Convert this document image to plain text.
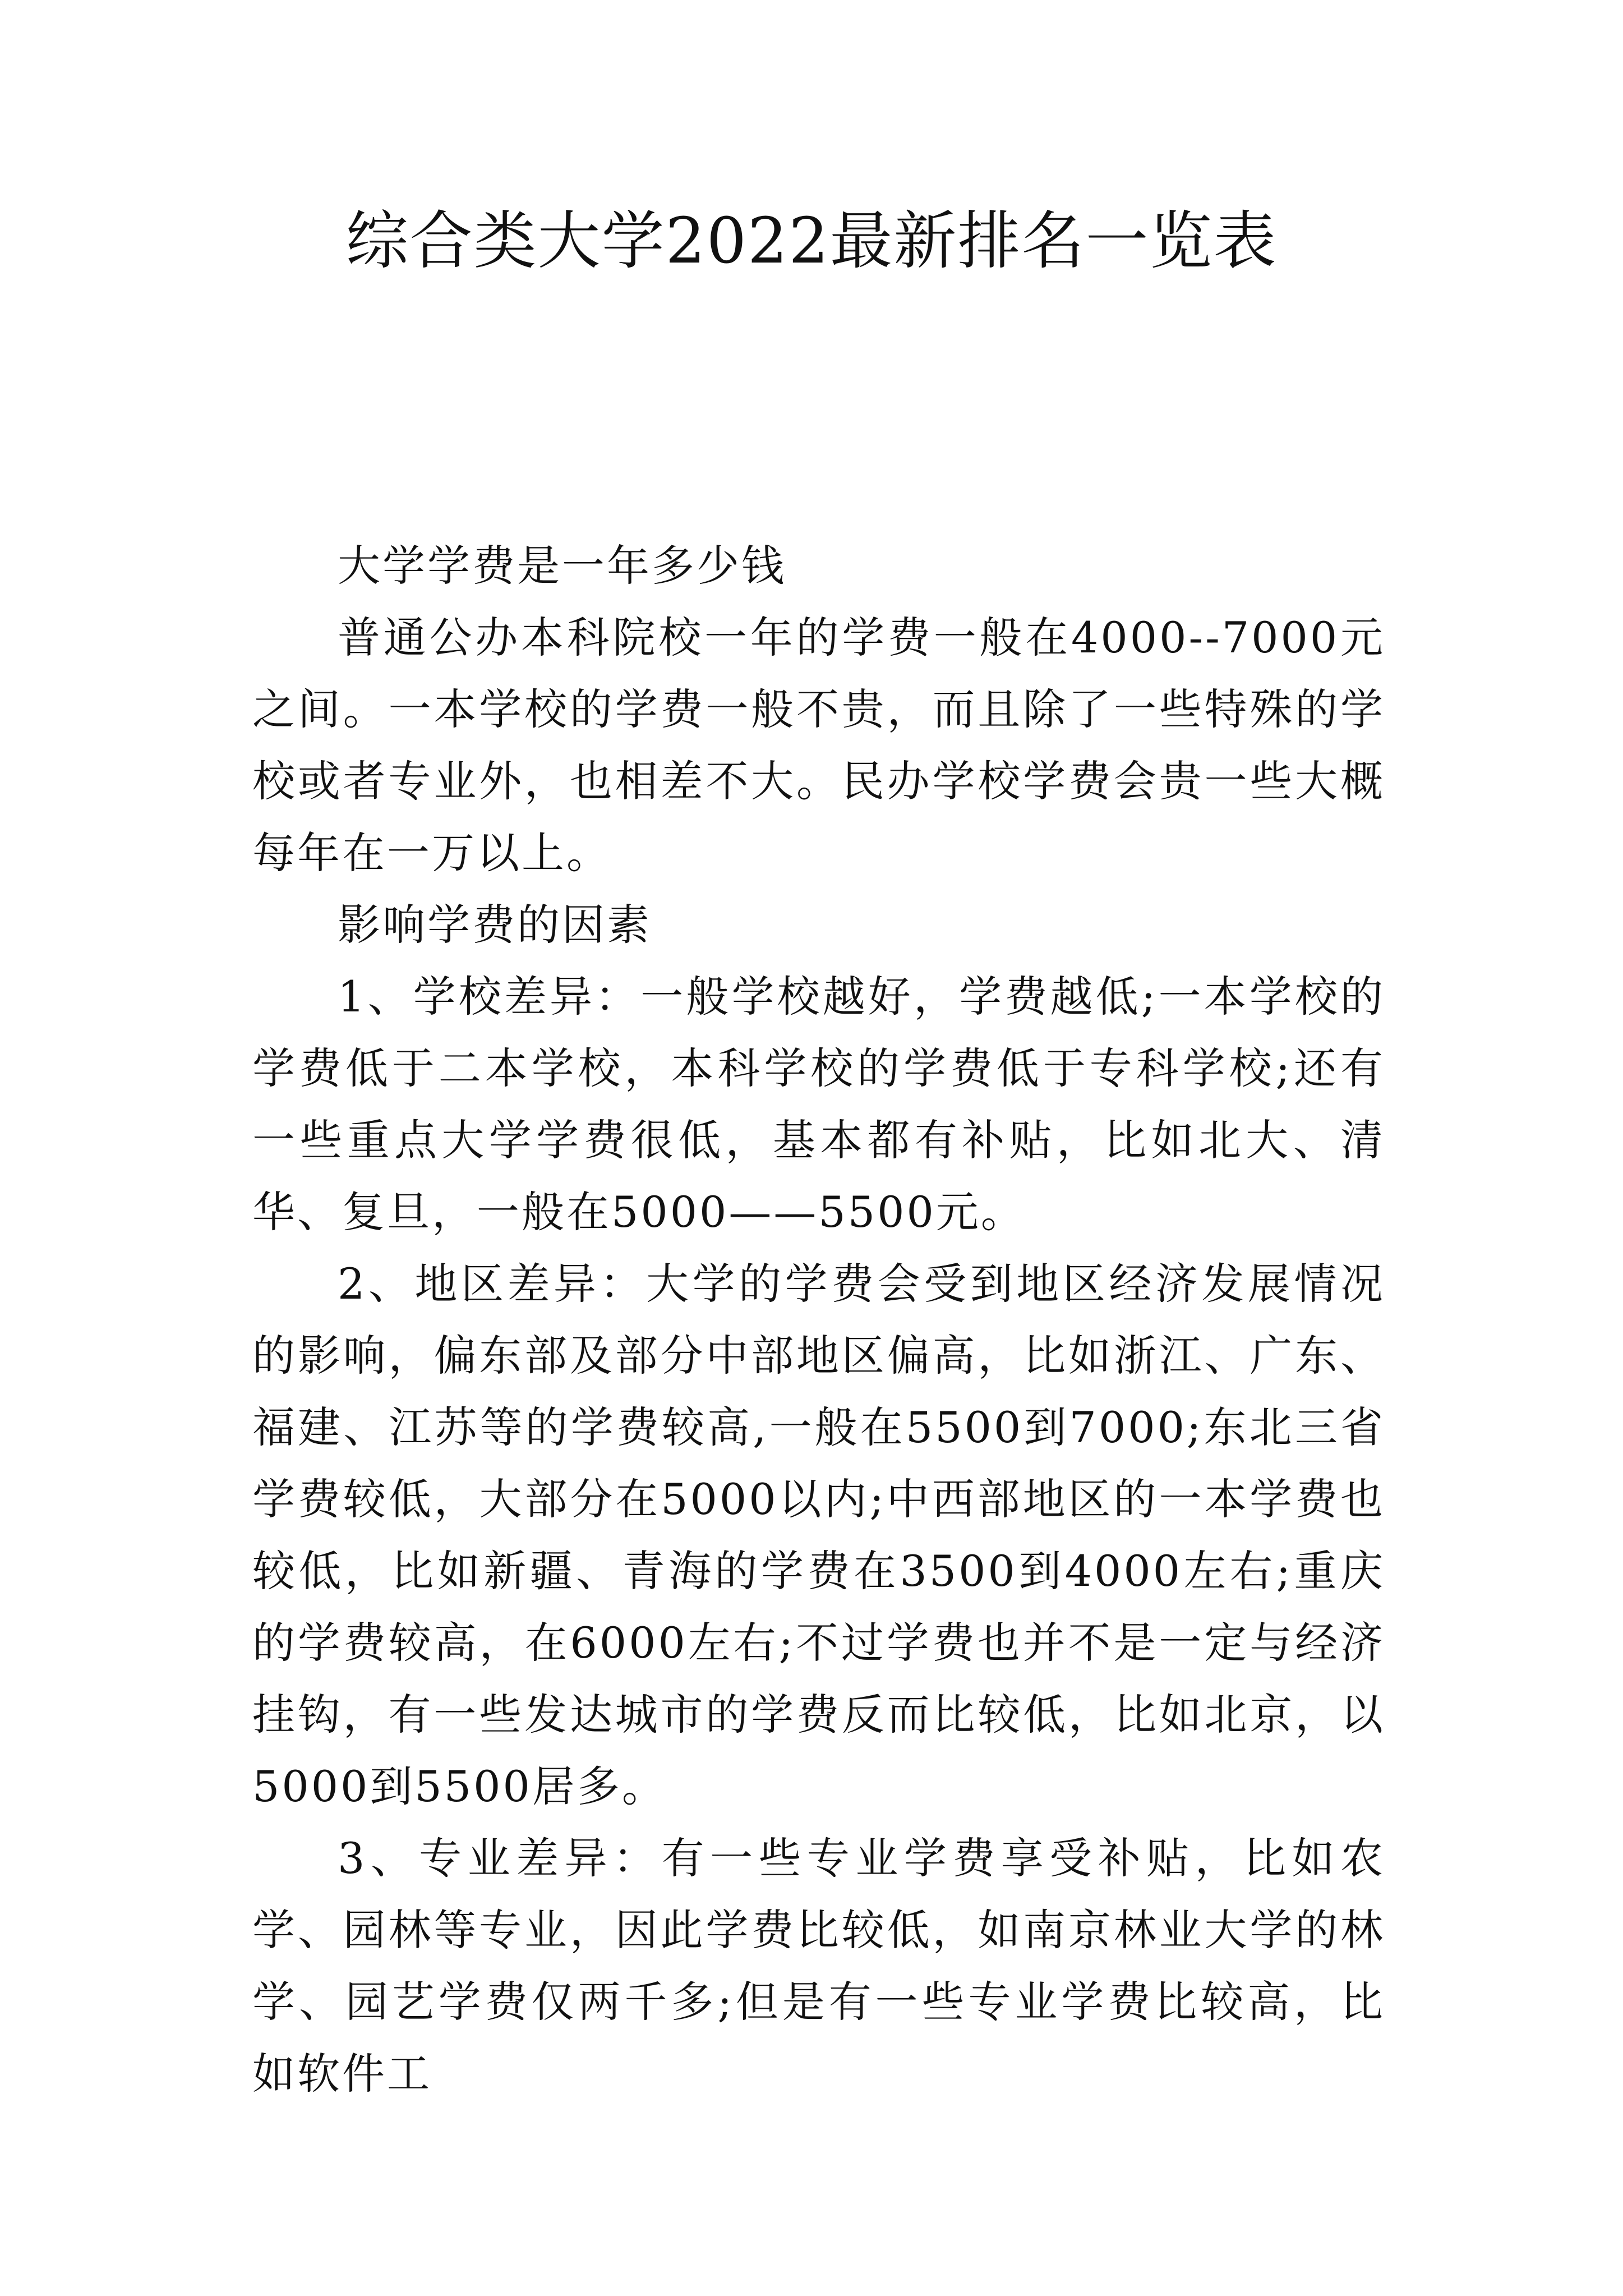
综合类大学2022最新排名一览表

大学学费是一年多少钱

普通公办本科院校一年的学费一般在4000--7000元之间。一本学校的学费一般不贵，而且除了一些特殊的学校或者专业外，也相差不大。民办学校学费会贵一些大概每年在一万以上。

影响学费的因素

1、学校差异：一般学校越好，学费越低;一本学校的学费低于二本学校，本科学校的学费低于专科学校;还有一些重点大学学费很低，基本都有补贴，比如北大、清华、复旦，一般在5000——5500元。

2、地区差异：大学的学费会受到地区经济发展情况的影响，偏东部及部分中部地区偏高，比如浙江、广东、福建、江苏等的学费较高,一般在5500到7000;东北三省学费较低，大部分在5000以内;中西部地区的一本学费也较低，比如新疆、青海的学费在3500到4000左右;重庆的学费较高，在6000左右;不过学费也并不是一定与经济挂钩，有一些发达城市的学费反而比较低，比如北京，以5000到5500居多。

3、专业差异：有一些专业学费享受补贴，比如农学、园林等专业，因此学费比较低，如南京林业大学的林学、园艺学费仅两千多;但是有一些专业学费比较高，比如软件工
